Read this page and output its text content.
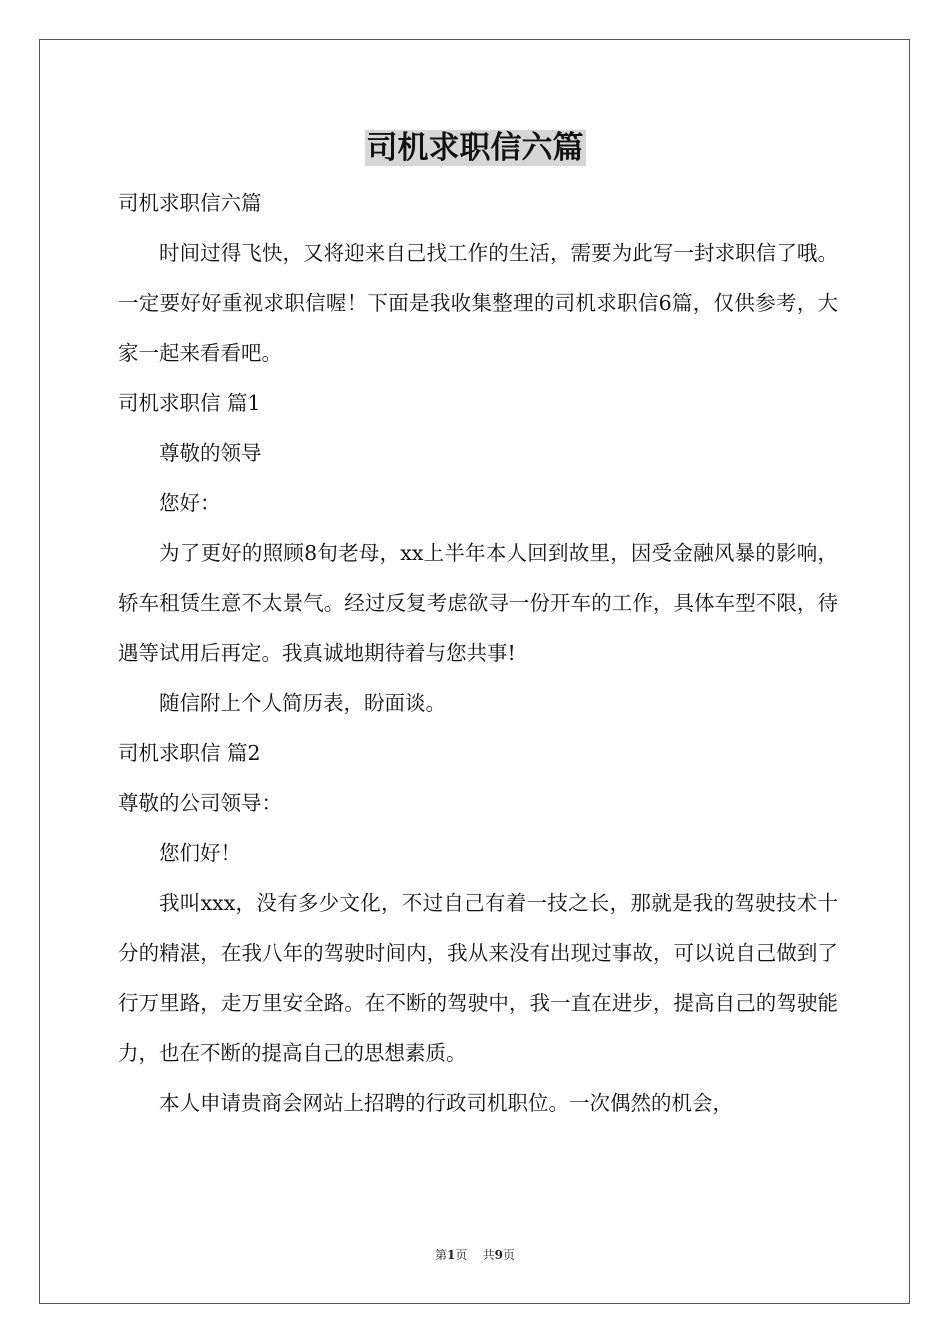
司机求职信六篇

司机求职信六篇

时间过得飞快，又将迎来自己找工作的生活，需要为此写一封求职信了哦。一定要好好重视求职信喔！下面是我收集整理的司机求职信6篇，仅供参考，大家一起来看看吧。

司机求职信 篇1

尊敬的领导

您好：

为了更好的照顾8旬老母，xx上半年本人回到故里，因受金融风暴的影响，轿车租赁生意不太景气。经过反复考虑欲寻一份开车的工作，具体车型不限，待遇等试用后再定。我真诚地期待着与您共事!

随信附上个人简历表，盼面谈。

司机求职信 篇2

尊敬的公司领导：

您们好！

我叫xxx，没有多少文化，不过自己有着一技之长，那就是我的驾驶技术十分的精湛，在我八年的驾驶时间内，我从来没有出现过事故，可以说自己做到了行万里路，走万里安全路。在不断的驾驶中，我一直在进步，提高自己的驾驶能力，也在不断的提高自己的思想素质。

本人申请贵商会网站上招聘的行政司机职位。一次偶然的机会，

第1页 共9页
